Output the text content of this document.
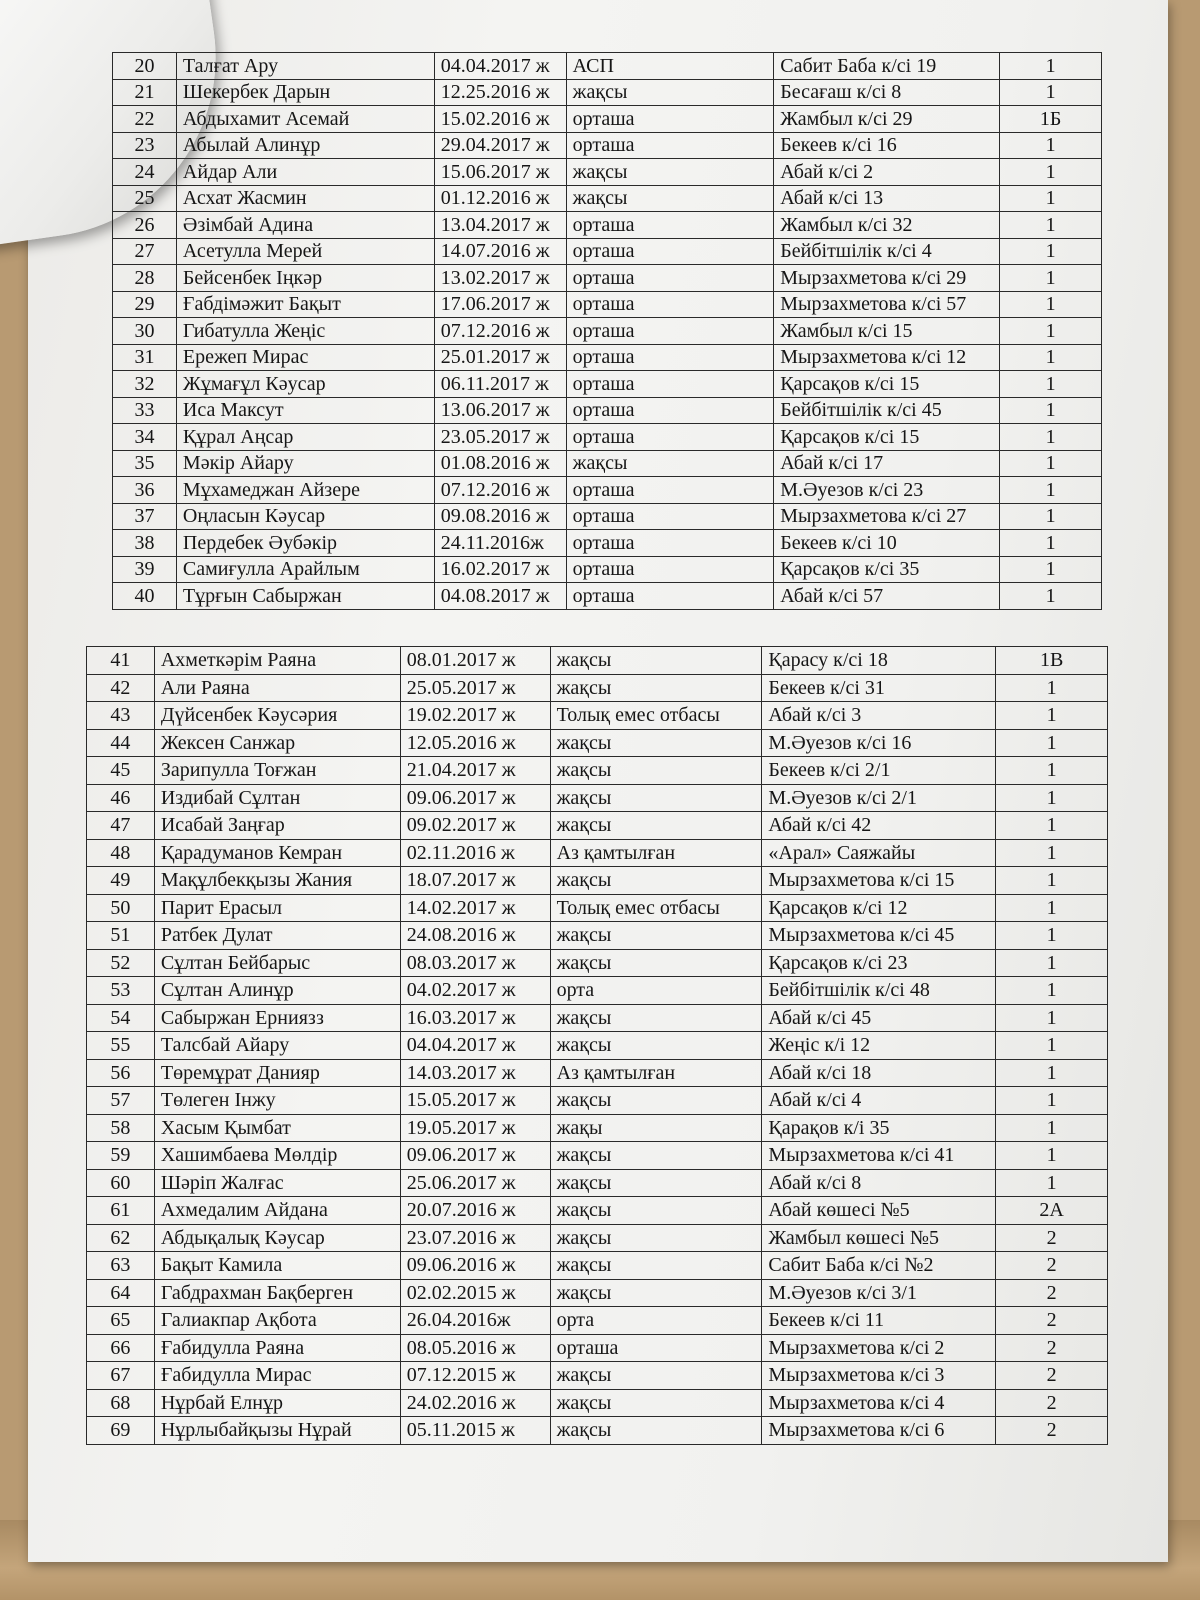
20	Талғат Ару	04.04.2017 ж	АСП	Сабит Баба к/сі 19	1
21	Шекербек Дарын	12.25.2016 ж	жақсы	Бесағаш к/сі 8	1
22	Абдыхамит Асемай	15.02.2016 ж	орташа	Жамбыл к/сі 29	1Б
23	Абылай Алинұр	29.04.2017 ж	орташа	Бекеев к/сі 16	1
24	Айдар Али	15.06.2017 ж	жақсы	Абай к/сі 2	1
25	Асхат Жасмин	01.12.2016 ж	жақсы	Абай к/сі 13	1
26	Әзімбай Адина	13.04.2017 ж	орташа	Жамбыл к/сі 32	1
27	Асетулла Мерей	14.07.2016 ж	орташа	Бейбітшілік к/сі 4	1
28	Бейсенбек Іңкәр	13.02.2017 ж	орташа	Мырзахметова к/сі 29	1
29	Ғабдімәжит Бақыт	17.06.2017 ж	орташа	Мырзахметова к/сі 57	1
30	Гибатулла Жеңіс	07.12.2016 ж	орташа	Жамбыл к/сі 15	1
31	Ережеп Мирас	25.01.2017 ж	орташа	Мырзахметова к/сі 12	1
32	Жұмағұл Кәусар	06.11.2017 ж	орташа	Қарсақов к/сі 15	1
33	Иса Максут	13.06.2017 ж	орташа	Бейбітшілік к/сі 45	1
34	Құрал Аңсар	23.05.2017 ж	орташа	Қарсақов к/сі 15	1
35	Мәкір Айару	01.08.2016 ж	жақсы	Абай к/сі 17	1
36	Мұхамеджан Айзере	07.12.2016 ж	орташа	М.Әуезов к/сі 23	1
37	Оңласын Кәусар	09.08.2016 ж	орташа	Мырзахметова к/сі 27	1
38	Пердебек Әубәкір	24.11.2016ж	орташа	Бекеев к/сі 10	1
39	Самиғулла Арайлым	16.02.2017 ж	орташа	Қарсақов к/сі 35	1
40	Тұрғын Сабыржан	04.08.2017 ж	орташа	Абай к/сі 57	1
41	Ахметкәрім Раяна	08.01.2017 ж	жақсы	Қарасу к/сі 18	1В
42	Али Раяна	25.05.2017 ж	жақсы	Бекеев к/сі 31	1
43	Дүйсенбек Кәусәрия	19.02.2017 ж	Толық емес отбасы	Абай к/сі 3	1
44	Жексен Санжар	12.05.2016 ж	жақсы	М.Әуезов к/сі 16	1
45	Зарипулла Тоғжан	21.04.2017 ж	жақсы	Бекеев к/сі 2/1	1
46	Издибай Сұлтан	09.06.2017 ж	жақсы	М.Әуезов к/сі 2/1	1
47	Исабай Заңғар	09.02.2017 ж	жақсы	Абай к/сі 42	1
48	Қарадуманов Кемран	02.11.2016 ж	Аз қамтылған	«Арал» Саяжайы	1
49	Мақұлбекқызы Жания	18.07.2017 ж	жақсы	Мырзахметова к/сі 15	1
50	Парит Ерасыл	14.02.2017 ж	Толық емес отбасы	Қарсақов к/сі 12	1
51	Ратбек Дулат	24.08.2016 ж	жақсы	Мырзахметова к/сі 45	1
52	Сұлтан Бейбарыс	08.03.2017 ж	жақсы	Қарсақов к/сі 23	1
53	Сұлтан Алинұр	04.02.2017 ж	орта	Бейбітшілік к/сі 48	1
54	Сабыржан Ерниязз	16.03.2017 ж	жақсы	Абай к/сі 45	1
55	Талсбай Айару	04.04.2017 ж	жақсы	Жеңіс к/і 12	1
56	Төремұрат Данияр	14.03.2017 ж	Аз қамтылған	Абай к/сі 18	1
57	Төлеген Інжу	15.05.2017 ж	жақсы	Абай к/сі 4	1
58	Хасым Қымбат	19.05.2017 ж	жақы	Қарақов к/і 35	1
59	Хашимбаева Мөлдір	09.06.2017 ж	жақсы	Мырзахметова к/сі 41	1
60	Шәріп Жалғас	25.06.2017 ж	жақсы	Абай к/сі 8	1
61	Ахмедалим Айдана	20.07.2016 ж	жақсы	Абай көшесі №5	2А
62	Абдықалық Кәусар	23.07.2016 ж	жақсы	Жамбыл көшесі №5	2
63	Бақыт Камила	09.06.2016 ж	жақсы	Сабит Баба к/сі №2	2
64	Габдрахман Бақберген	02.02.2015 ж	жақсы	М.Әуезов к/сі 3/1	2
65	Галиакпар Ақбота	26.04.2016ж	орта	Бекеев к/сі 11	2
66	Ғабидулла Раяна	08.05.2016 ж	орташа	Мырзахметова к/сі 2	2
67	Ғабидулла Мирас	07.12.2015 ж	жақсы	Мырзахметова к/сі 3	2
68	Нұрбай Елнұр	24.02.2016 ж	жақсы	Мырзахметова к/сі 4	2
69	Нұрлыбайқызы Нұрай	05.11.2015 ж	жақсы	Мырзахметова к/сі 6	2
